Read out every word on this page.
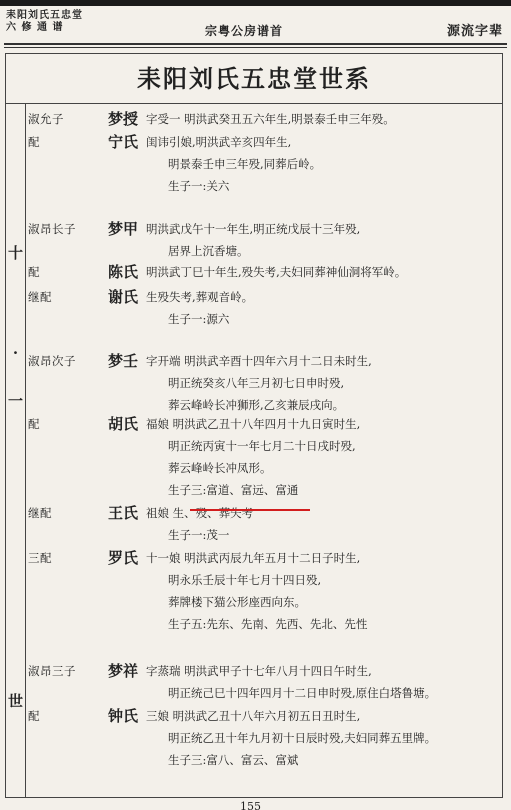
耒阳刘氏五忠堂
六 修 通 谱	宗粤公房谱首	源流字辈
耒阳刘氏五忠堂世系
十
·
一
世
淑允子	梦授 字受一 明洪武癸丑五六年生,明景泰壬申三年殁。
配	宁氏 闺讳引娘,明洪武辛亥四年生,
明景泰壬申三年殁,同葬后岭。
生子一:关六
淑昂长子	梦甲 明洪武戊午十一年生,明正统戊辰十三年殁,
居界上沉香塘。
配	陈氏 明洪武丁巳十年生,殁失考,夫妇同葬神仙洞将军岭。
继配	谢氏 生殁失考,葬观音岭。
生子一:源六
淑昂次子	梦壬 字开端 明洪武辛酉十四年六月十二日未时生,
明正统癸亥八年三月初七日申时殁,
葬云峰岭长冲狮形,乙亥兼辰戌向。
配	胡氏 福娘 明洪武乙丑十八年四月十九日寅时生,
明正统丙寅十一年七月二十日戌时殁,
葬云峰岭长冲凤形。
生子三:富道、富远、富通
继配	王氏 祖娘 生、殁、葬失考
生子一:茂一
三配	罗氏 十一娘 明洪武丙辰九年五月十二日子时生,
明永乐壬辰十年七月十四日殁,
葬牌楼下猫公形座西向东。
生子五:先东、先南、先西、先北、先性
淑昂三子	梦祥 字蒸瑞 明洪武甲子十七年八月十四日午时生,
明正统己巳十四年四月十二日申时殁,原住白塔鲁塘。
配	钟氏 三娘 明洪武乙丑十八年六月初五日丑时生,
明正统乙丑十年九月初十日辰时殁,夫妇同葬五里牌。
生子三:富八、富云、富斌
155
